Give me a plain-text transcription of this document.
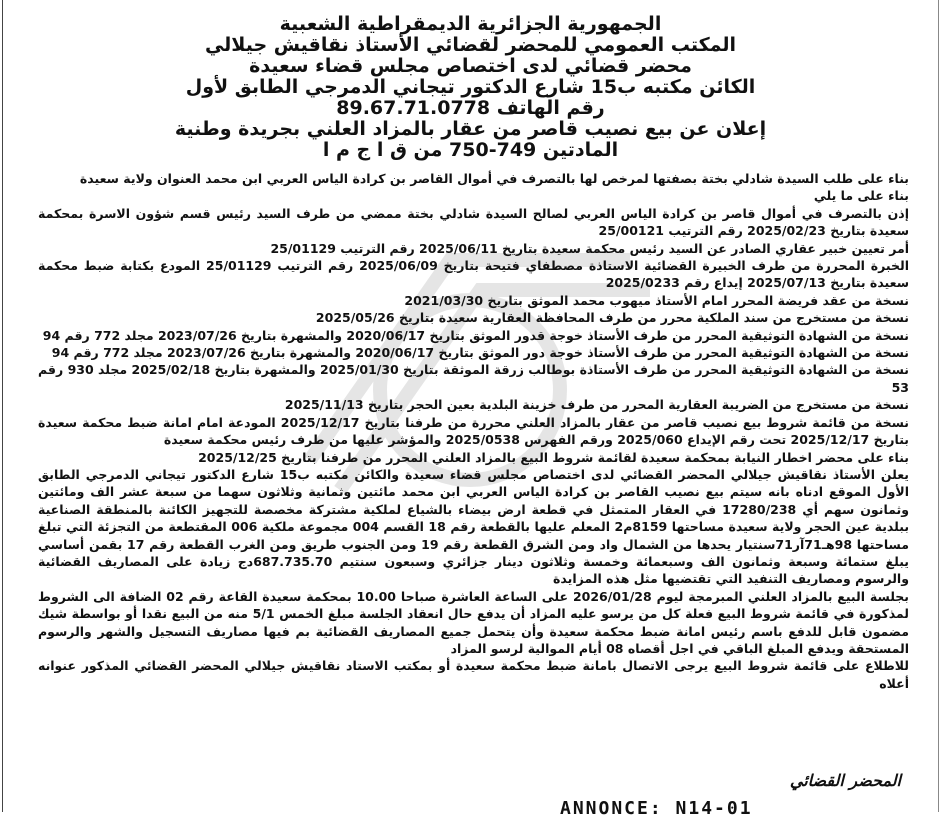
الجمهورية الجزائرية الديمقراطية الشعبية
المكتب العمومي للمحضر لقضائي الأستاذ نقاقيش جيلالي
محضر قضائي لدى اختصاص مجلس قضاء سعيدة
الكائن مكتبه ب15 شارع الدكتور تيجاني الدمرجي الطابق لأول
رقم الهاتف 89.67.71.0778
إعلان عن بيع نصيب قاصر من عقار بالمزاد العلني بجريدة وطنية
المادتين 749-750 من ق ا ج م ا

بناء على طلب السيدة شادلي بختة بصفتها لمرخص لها بالتصرف في أموال القاصر بن كرادة الياس العربي ابن محمد العنوان ولاية سعيدة

بناء على ما يلي

إذن بالتصرف في أموال قاصر بن كرادة الياس العربي لصالح السيدة شادلي بختة ممضي من طرف السيد رئيس قسم شؤون الاسرة بمحكمة سعيدة بتاريخ 2025/02/23 رقم الترتيب 25/00121

أمر تعيين خبير عقاري الصادر عن السيد رئيس محكمة سعيدة بتاريخ 2025/06/11 رقم الترتيب 25/01129

الخبرة المحررة من طرف الخبيرة القضائية الاستاذة مصطفاي فتيحة بتاريخ 2025/06/09 رقم الترتيب 25/01129 المودع بكتابة ضبط محكمة سعيدة بتاريخ 2025/07/13 إيداع رقم 2025/0233

نسخة من عقد فريضة المحرر امام الأستاذ ميهوب محمد الموثق بتاريخ 2021/03/30

نسخة من مستخرج من سند الملكية محرر من طرف المحافظة العقارية سعيدة بتاريخ 2025/05/26

نسخة من الشهادة التوثيقية المحرر من طرف الأستاذ خوجة قدور الموثق بتاريخ 2020/06/17 والمشهرة بتاريخ 2023/07/26 مجلد 772 رقم 94

نسخة من الشهادة التوثيقية المحرر من طرف الأستاذ خوجة دور الموثق بتاريخ 2020/06/17 والمشهرة بتاريخ 2023/07/26 مجلد 772 رقم 94

نسخة من الشهادة التوثيقية المحرر من طرف الأستاذة بوطالب زرقة الموثقة بتاريخ 2025/01/30 والمشهرة بتاريخ 2025/02/18 مجلد 930 رقم 53

نسخة من مستخرج من الضريبة العقارية المحرر من طرف خزينة البلدية بعين الحجر بتاريخ 2025/11/13

نسخة من قائمة شروط بيع نصيب قاصر من عقار بالمزاد العلني محررة من طرفنا بتاريخ 2025/12/17 المودعة امام امانة ضبط محكمة سعيدة بتاريخ 2025/12/17 تحت رقم الإيداع 2025/060 ورقم الفهرس 2025/0538 والمؤشر عليها من طرف رئيس محكمة سعيدة

بناء على محضر اخطار النيابة بمحكمة سعيدة لقائمة شروط البيع بالمزاد العلني المحرر من طرفنا بتاريخ 2025/12/25

يعلن الأستاذ نقاقيش جيلالي المحضر القضائي لدى اختصاص مجلس قضاء سعيدة والكائن مكتبه ب15 شارع الدكتور تيجاني الدمرجي الطابق الأول الموقع ادناه بانه سيتم بيع نصيب القاصر بن كرادة الياس العربي ابن محمد مائتين وثمانية وثلاثون سهما من سبعة عشر الف ومائتين وثمانون سهم أي 17280/238 في العقار المتمثل في قطعة ارض بيضاء بالشياع لملكية مشتركة مخصصة للتجهيز الكائنة بالمنطقة الصناعية ببلدية عين الحجر ولاية سعيدة مساحتها 8159م2 المعلم عليها بالقطعة رقم 18 القسم 004 مجموعة ملكية 006 المقتطعة من التجزئة التي تبلغ مساحتها 98هـ71آر71سنتيار يحدها من الشمال واد ومن الشرق القطعة رقم 19 ومن الجنوب طريق ومن الغرب القطعة رقم 17 بقمن أساسي يبلغ ستمائة وسبعة وثمانون الف وسبعمائة وخمسة وثلاثون دينار جزائري وسبعون سنتيم 687.735.70دج زيادة على المصاريف القضائية والرسوم ومصاريف التنفيد التي تقتضيها مثل هذه المزايدة

بجلسة البيع بالمزاد العلني المبرمجة ليوم 2026/01/28 على الساعة العاشرة صباحا 10.00 بمحكمة سعيدة القاعة رقم 02 الضافة الى الشروط لمذكورة في قائمة شروط البيع فعلة كل من يرسو عليه المزاد أن يدفع حال انعقاد الجلسة مبلغ الخمس 5/1 منه من البيع نقدا أو بواسطة شيك مضمون قابل للدفع باسم رئيس امانة ضبط محكمة سعيدة وأن يتحمل جميع المصاريف القضائية بم فيها مصاريف التسجيل والشهر والرسوم المستحقة ويدفع المبلغ الباقي في اجل أقصاه 08 أيام الموالية لرسو المزاد

للاطلاع على قائمة شروط البيع يرجى الاتصال بامانة ضبط محكمة سعيدة أو بمكتب الاستاد نقاقيش جيلالي المحضر القضائي المذكور عنوانه أعلاه

المحضر القضائي
ANNONCE: N14-01
